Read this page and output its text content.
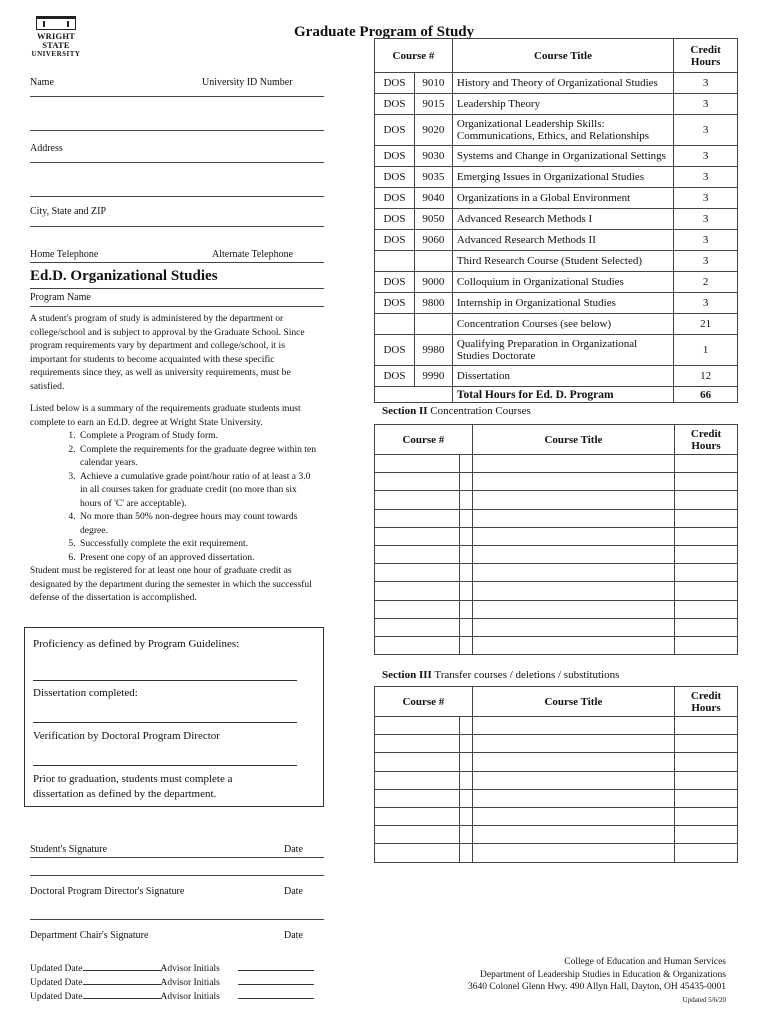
WRIGHT STATE
UNIVERSITY
Graduate Program of Study
Name	University ID Number
Address
City, State and ZIP
Home Telephone	Alternate Telephone
Ed.D. Organizational Studies
Program Name
A student's program of study is administered by the department or college/school and is subject to approval by the Graduate School. Since program requirements vary by department and college/school, it is important for students to become acquainted with these specific requirements since they, as well as university requirements, must be satisfied.
Listed below is a summary of the requirements graduate students must complete to earn an Ed.D. degree at Wright State University.
1. Complete a Program of Study form.
2. Complete the requirements for the graduate degree within ten calendar years.
3. Achieve a cumulative grade point/hour ratio of at least a 3.0 in all courses taken for graduate credit (no more than six hours of 'C' are acceptable).
4. No more than 50% non-degree hours may count towards degree.
5. Successfully complete the exit requirement.
6. Present one copy of an approved dissertation.
Student must be registered for at least one hour of graduate credit as designated by the department during the semester in which the successful defense of the dissertation is accomplished.
Proficiency as defined by Program Guidelines:
Dissertation completed:
Verification by Doctoral Program Director
Prior to graduation, students must complete a dissertation as defined by the department.
Student's Signature	Date
Doctoral Program Director's Signature	Date
Department Chair's Signature	Date
Updated Date	Advisor Initials
Updated Date	Advisor Initials
Updated Date	Advisor Initials
Course #		Course Title	Credit
Hours
DOS	9010	History and Theory of Organizational Studies	3
DOS	9015	Leadership Theory	3
DOS	9020	Organizational Leadership Skills: Communications, Ethics, and Relationships	3
DOS	9030	Systems and Change in Organizational Settings	3
DOS	9035	Emerging Issues in Organizational Studies	3
DOS	9040	Organizations in a Global Environment	3
DOS	9050	Advanced Research Methods I	3
DOS	9060	Advanced Research Methods II	3
		Third Research Course (Student Selected)	3
DOS	9000	Colloquium in Organizational Studies	2
DOS	9800	Internship in Organizational Studies	3
		Concentration Courses (see below)	21
DOS	9980	Qualifying Preparation in Organizational Studies Doctorate	1
DOS	9990	Dissertation	12
		Total Hours for Ed. D. Program	66
Section II Concentration Courses
Course #		Course Title	Credit
Hours

Section III Transfer courses / deletions / substitutions
Course #		Course Title	Credit
Hours

College of Education and Human Services
Department of Leadership Studies in Education & Organizations
3640 Colonel Glenn Hwy. 490 Allyn Hall, Dayton, OH 45435-0001
Updated 5/6/20
